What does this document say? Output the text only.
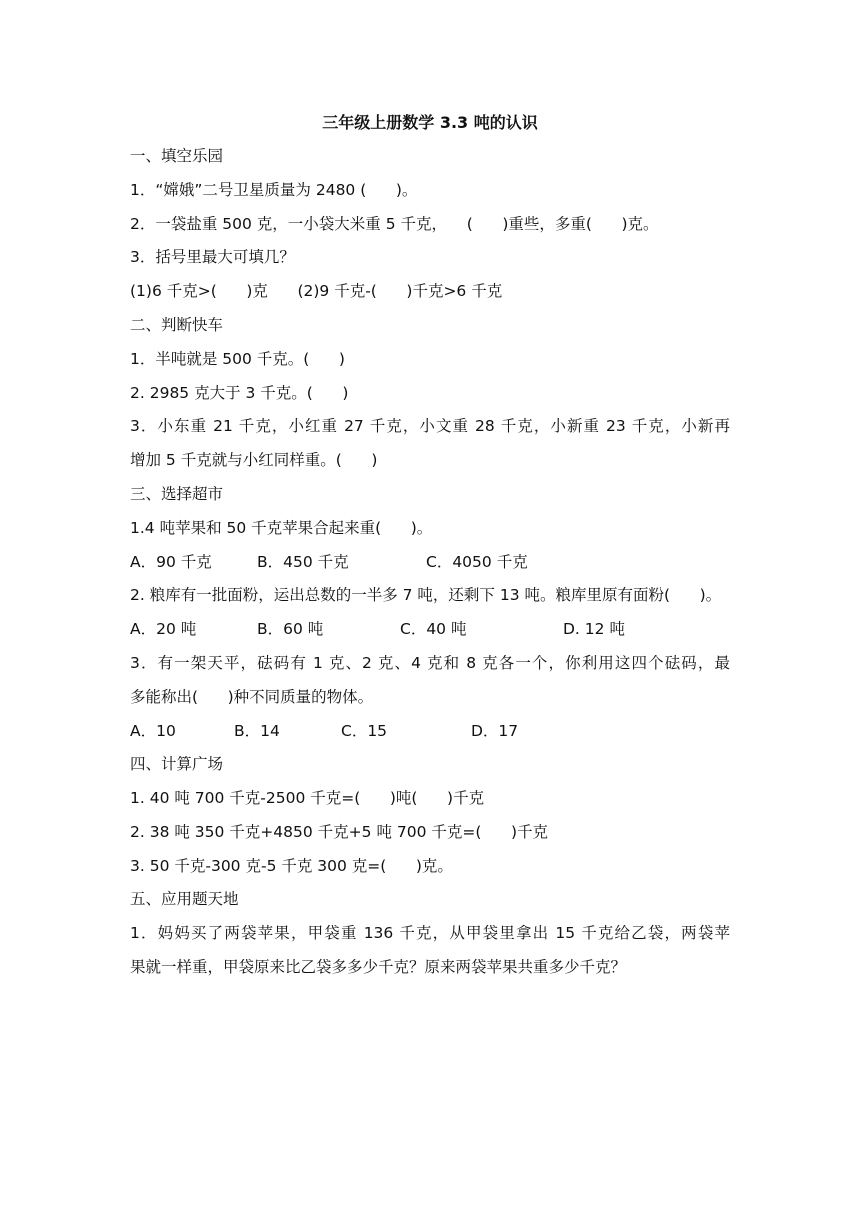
三年级上册数学 3.3 吨的认识
一、填空乐园
1．“嫦娥”二号卫星质量为 2480 (      )。
2．一袋盐重 500 克，一小袋大米重 5 千克，    (      )重些，多重(      )克。
3．括号里最大可填几？
(1)6 千克>(      )克      (2)9 千克-(      )千克>6 千克
二、判断快车
1．半吨就是 500 千克。(      )
2. 2985 克大于 3 千克。(      )
3．小东重 21 千克，小红重 27 千克，小文重 28 千克，小新重 23 千克，小新再
增加 5 千克就与小红同样重。(      )
三、选择超市
1.4 吨苹果和 50 千克苹果合起来重(      )。
A．90 千克	B．450 千克	C．4050 千克
2. 粮库有一批面粉，运出总数的一半多 7 吨，还剩下 13 吨。粮库里原有面粉(      )。
A．20 吨	B．60 吨	C．40 吨	D. 12 吨
3．有一架天平，砝码有 1 克、2 克、4 克和 8 克各一个，你利用这四个砝码，最
多能称出(      )种不同质量的物体。
A．10	B．14	C．15	D．17
四、计算广场
1. 40 吨 700 千克-2500 千克=(      )吨(      )千克
2. 38 吨 350 千克+4850 千克+5 吨 700 千克=(      )千克
3. 50 千克-300 克-5 千克 300 克=(      )克。
五、应用题天地
1．妈妈买了两袋苹果，甲袋重 136 千克，从甲袋里拿出 15 千克给乙袋，两袋苹
果就一样重，甲袋原来比乙袋多多少千克？原来两袋苹果共重多少千克？
